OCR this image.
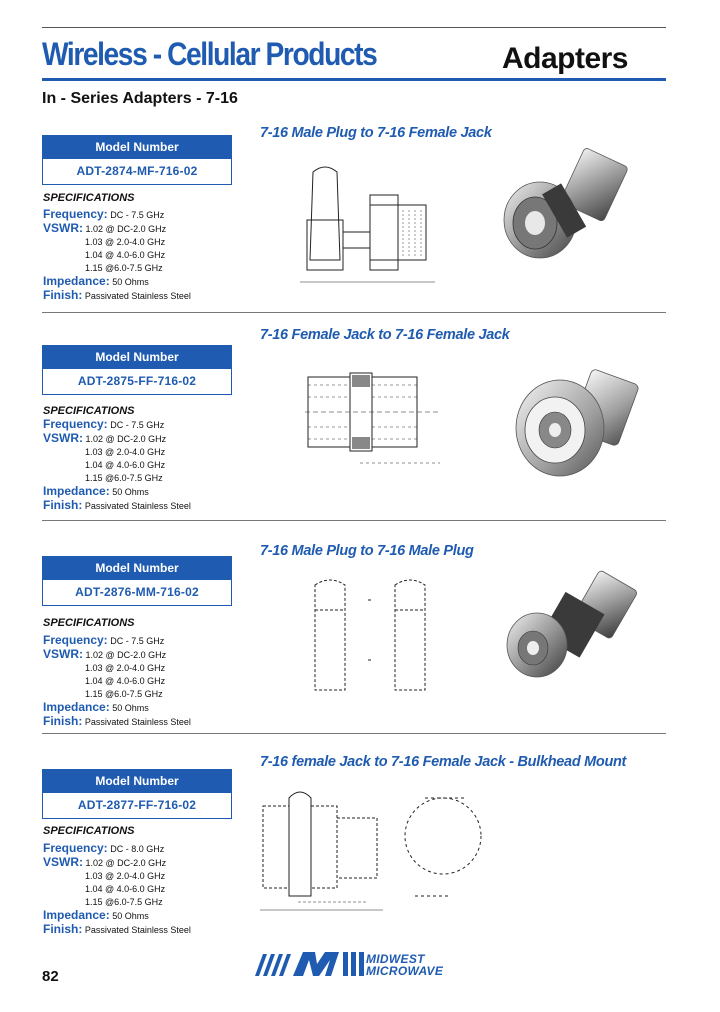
Wireless - Cellular Products	Adapters
In - Series Adapters - 7-16
7-16 Male Plug to 7-16 Female Jack
Model Number
ADT-2874-MF-716-02
SPECIFICATIONS
Frequency: DC - 7.5 GHz
VSWR: 1.02 @ DC-2.0 GHz
1.03 @ 2.0-4.0 GHz
1.04 @ 4.0-6.0 GHz
1.15 @6.0-7.5 GHz
Impedance: 50 Ohms
Finish: Passivated Stainless Steel
7-16 Female Jack to 7-16 Female Jack
Model Number
ADT-2875-FF-716-02
SPECIFICATIONS
Frequency: DC - 7.5 GHz
VSWR: 1.02 @ DC-2.0 GHz
1.03 @ 2.0-4.0 GHz
1.04 @ 4.0-6.0 GHz
1.15 @6.0-7.5 GHz
Impedance: 50 Ohms
Finish: Passivated Stainless Steel
7-16 Male Plug to 7-16 Male Plug
Model Number
ADT-2876-MM-716-02
SPECIFICATIONS
Frequency: DC - 7.5 GHz
VSWR: 1.02 @ DC-2.0 GHz
1.03 @ 2.0-4.0 GHz
1.04 @ 4.0-6.0 GHz
1.15 @6.0-7.5 GHz
Impedance: 50 Ohms
Finish: Passivated Stainless Steel
7-16 female Jack to 7-16 Female Jack - Bulkhead Mount
Model Number
ADT-2877-FF-716-02
SPECIFICATIONS
Frequency: DC - 8.0 GHz
VSWR: 1.02 @ DC-2.0 GHz
1.03 @ 2.0-4.0 GHz
1.04 @ 4.0-6.0 GHz
1.15 @6.0-7.5 GHz
Impedance: 50 Ohms
Finish: Passivated Stainless Steel
82
MIDWEST
MICROWAVE
